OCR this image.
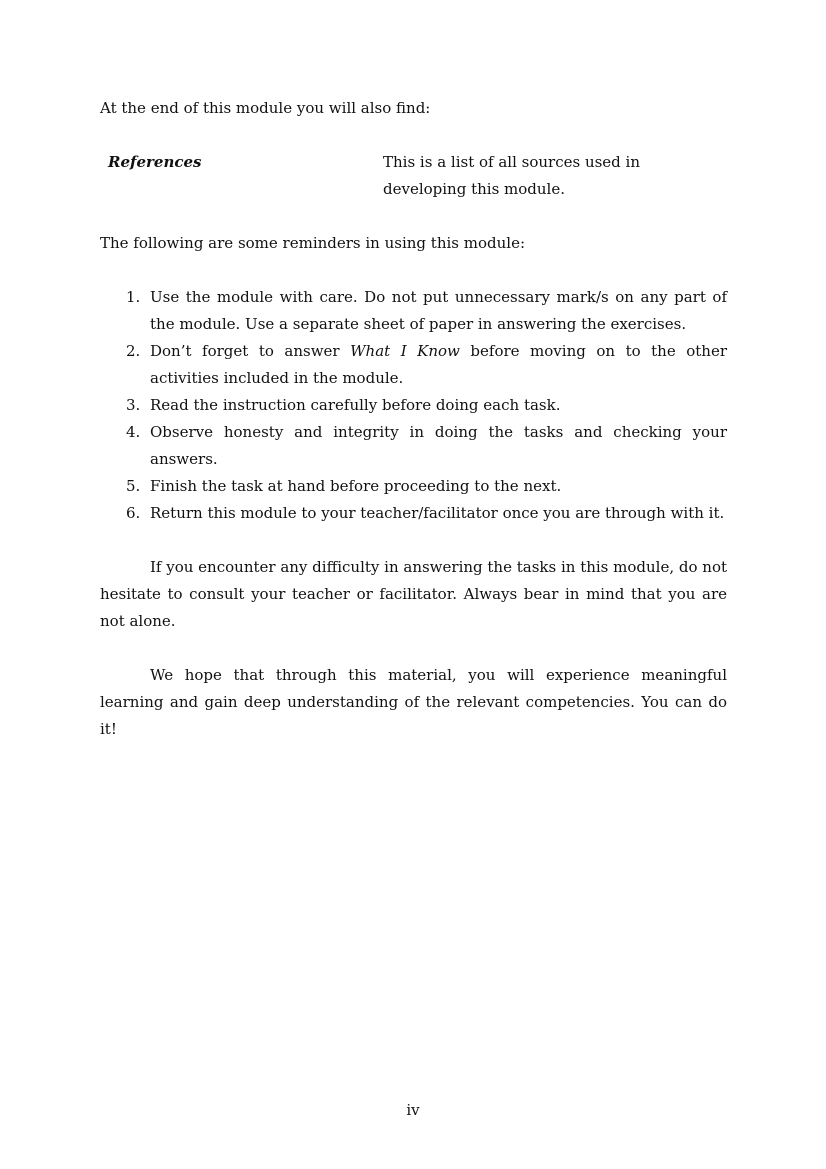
At the end of this module you will also find:

References	This is a list of all sources used in developing this module.

The following are some reminders in using this module:

1. Use the module with care. Do not put unnecessary mark/s on any part of the module. Use a separate sheet of paper in answering the exercises.
2. Don’t forget to answer What I Know before moving on to the other activities included in the module.
3. Read the instruction carefully before doing each task.
4. Observe honesty and integrity in doing the tasks and checking your answers.
5. Finish the task at hand before proceeding to the next.
6. Return this module to your teacher/facilitator once you are through with it.

If you encounter any difficulty in answering the tasks in this module, do not hesitate to consult your teacher or facilitator. Always bear in mind that you are not alone.

We hope that through this material, you will experience meaningful learning and gain deep understanding of the relevant competencies. You can do it!

iv
